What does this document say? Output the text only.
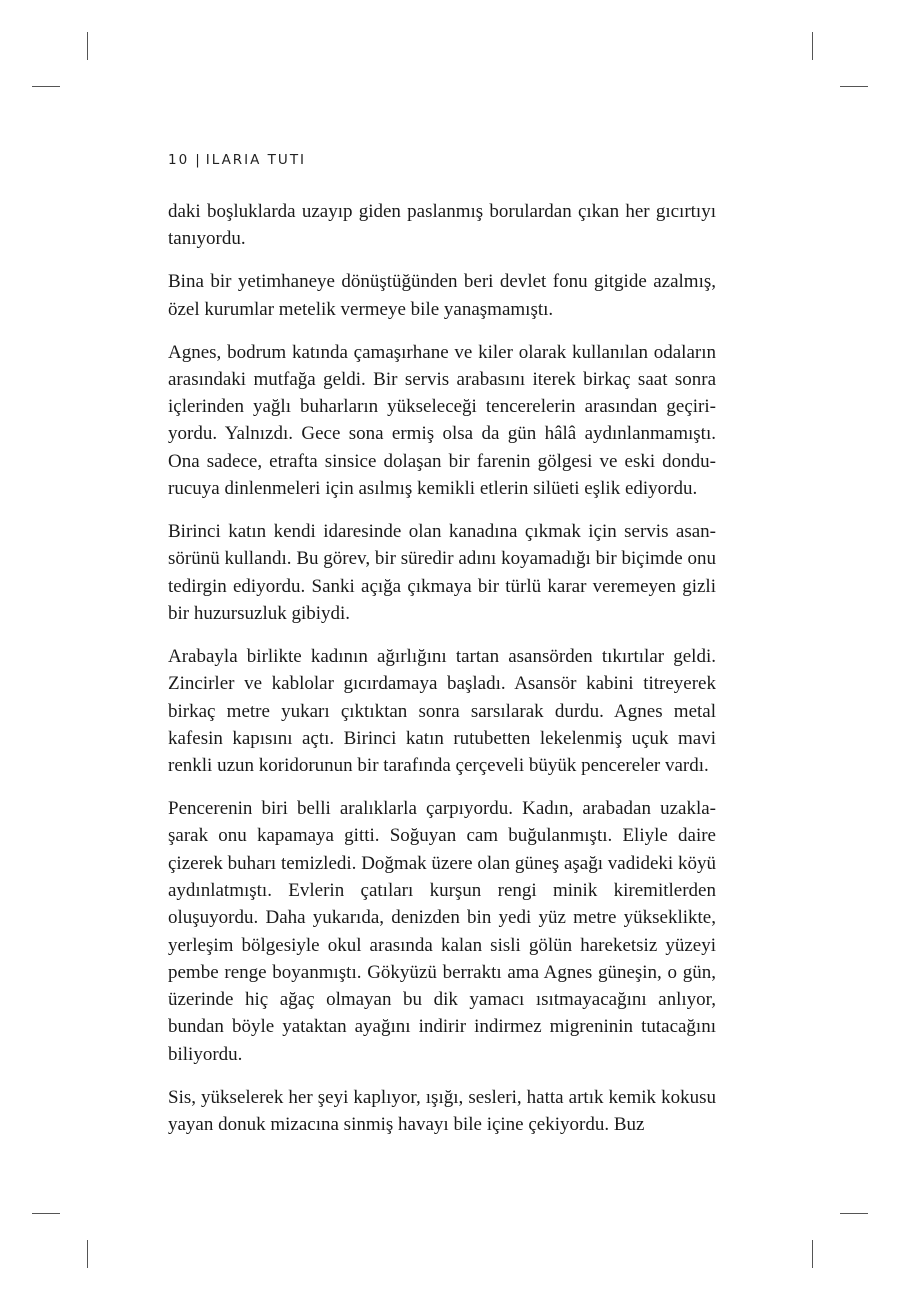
10 | ILARIA TUTI

daki boşluklarda uzayıp giden paslanmış borulardan çıkan her gıcırtıyı tanıyordu.

Bina bir yetimhaneye dönüştüğünden beri devlet fonu gitgide azalmış, özel kurumlar metelik vermeye bile yanaşmamıştı.

Agnes, bodrum katında çamaşırhane ve kiler olarak kullanılan odaların arasındaki mutfağa geldi. Bir servis arabasını iterek birkaç saat sonra içlerinden yağlı buharların yükseleceği tencerelerin arasından geçiriyordu. Yalnızdı. Gece sona ermiş olsa da gün hâlâ aydınlanmamıştı. Ona sadece, etrafta sinsice dolaşan bir farenin gölgesi ve eski dondurucuya dinlenmeleri için asılmış kemikli etlerin silüeti eşlik ediyordu.

Birinci katın kendi idaresinde olan kanadına çıkmak için servis asansörünü kullandı. Bu görev, bir süredir adını koyamadığı bir biçimde onu tedirgin ediyordu. Sanki açığa çıkmaya bir türlü karar veremeyen gizli bir huzursuzluk gibiydi.

Arabayla birlikte kadının ağırlığını tartan asansörden tıkırtılar geldi. Zincirler ve kablolar gıcırdamaya başladı. Asansör kabini titreyerek birkaç metre yukarı çıktıktan sonra sarsılarak durdu. Agnes metal kafesin kapısını açtı. Birinci katın rutubetten lekelenmiş uçuk mavi renkli uzun koridorunun bir tarafında çerçeveli büyük pencereler vardı.

Pencerenin biri belli aralıklarla çarpıyordu. Kadın, arabadan uzaklaşarak onu kapamaya gitti. Soğuyan cam buğulanmıştı. Eliyle daire çizerek buharı temizledi. Doğmak üzere olan güneş aşağı vadideki köyü aydınlatmıştı. Evlerin çatıları kurşun rengi minik kiremitlerden oluşuyordu. Daha yukarıda, denizden bin yedi yüz metre yükseklikte, yerleşim bölgesiyle okul arasında kalan sisli gölün hareketsiz yüzeyi pembe renge boyanmıştı. Gökyüzü berraktı ama Agnes güneşin, o gün, üzerinde hiç ağaç olmayan bu dik yamacı ısıtmayacağını anlıyor, bundan böyle yataktan ayağını indirir indirmez migreninin tutacağını biliyordu.

Sis, yükselerek her şeyi kaplıyor, ışığı, sesleri, hatta artık kemik kokusu yayan donuk mizacına sinmiş havayı bile içine çekiyordu. Buz
